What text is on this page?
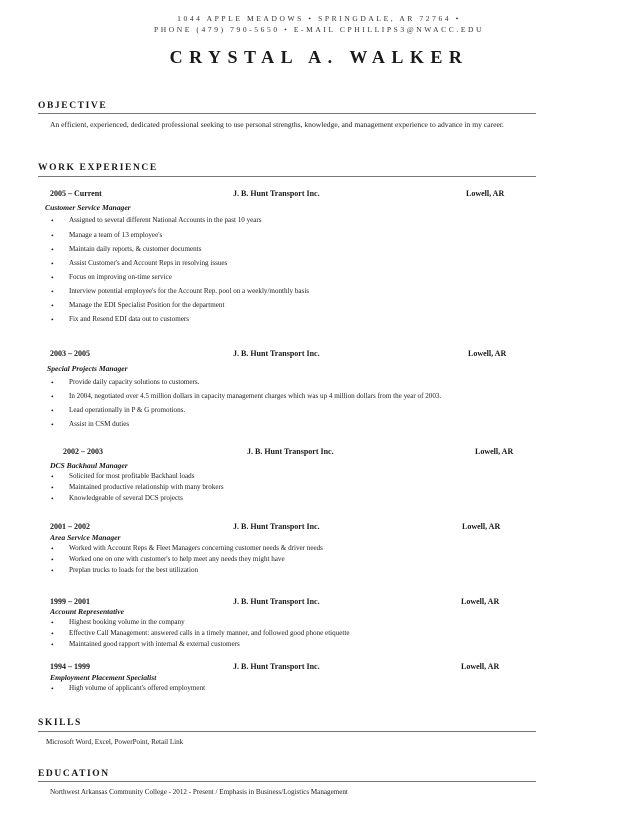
1044 APPLE MEADOWS • SPRINGDALE, AR 72764 •
PHONE (479) 790-5650 • E-MAIL CPHILLIPS3@NWACC.EDU
CRYSTAL A. WALKER
OBJECTIVE
An efficient, experienced, dedicated professional seeking to use personal strengths, knowledge, and management experience to advance in my career.
WORK EXPERIENCE
2005 – Current	J. B. Hunt Transport Inc.	Lowell, AR
Customer Service Manager
• Assigned to several different National Accounts in the past 10 years
• Manage a team of 13 employee's
• Maintain daily reports, & customer documents
• Assist Customer's and Account Reps in resolving issues
• Focus on improving on-time service
• Interview potential employee's for the Account Rep. pool on a weekly/monthly basis
• Manage the EDI Specialist Position for the department
• Fix and Resend EDI data out to customers
2003 – 2005	J. B. Hunt Transport Inc.	Lowell, AR
Special Projects Manager
• Provide daily capacity solutions to customers.
• In 2004, negotiated over 4.5 million dollars in capacity management charges which was up 4 million dollars from the year of 2003.
• Lead operationally in P & G promotions.
• Assist in CSM duties
2002 – 2003	J. B. Hunt Transport Inc.	Lowell, AR
DCS Backhaul Manager
• Solicited for most profitable Backhaul loads
• Maintained productive relationship with many brokers
• Knowledgeable of several DCS projects
2001 – 2002	J. B. Hunt Transport Inc.	Lowell, AR
Area Service Manager
• Worked with Account Reps & Fleet Managers concerning customer needs & driver needs
• Worked one on one with customer's to help meet any needs they might have
• Preplan trucks to loads for the best utilization
1999 – 2001	J. B. Hunt Transport Inc.	Lowell, AR
Account Representative
• Highest booking volume in the company
• Effective Call Management: answered calls in a timely manner, and followed good phone etiquette
• Maintained good rapport with internal & external customers
1994 – 1999	J. B. Hunt Transport Inc.	Lowell, AR
Employment Placement Specialist
• High volume of applicant's offered employment
SKILLS
Microsoft Word, Excel, PowerPoint, Retail Link
EDUCATION
Northwest Arkansas Community College - 2012 - Present / Emphasis in Business/Logistics Management
